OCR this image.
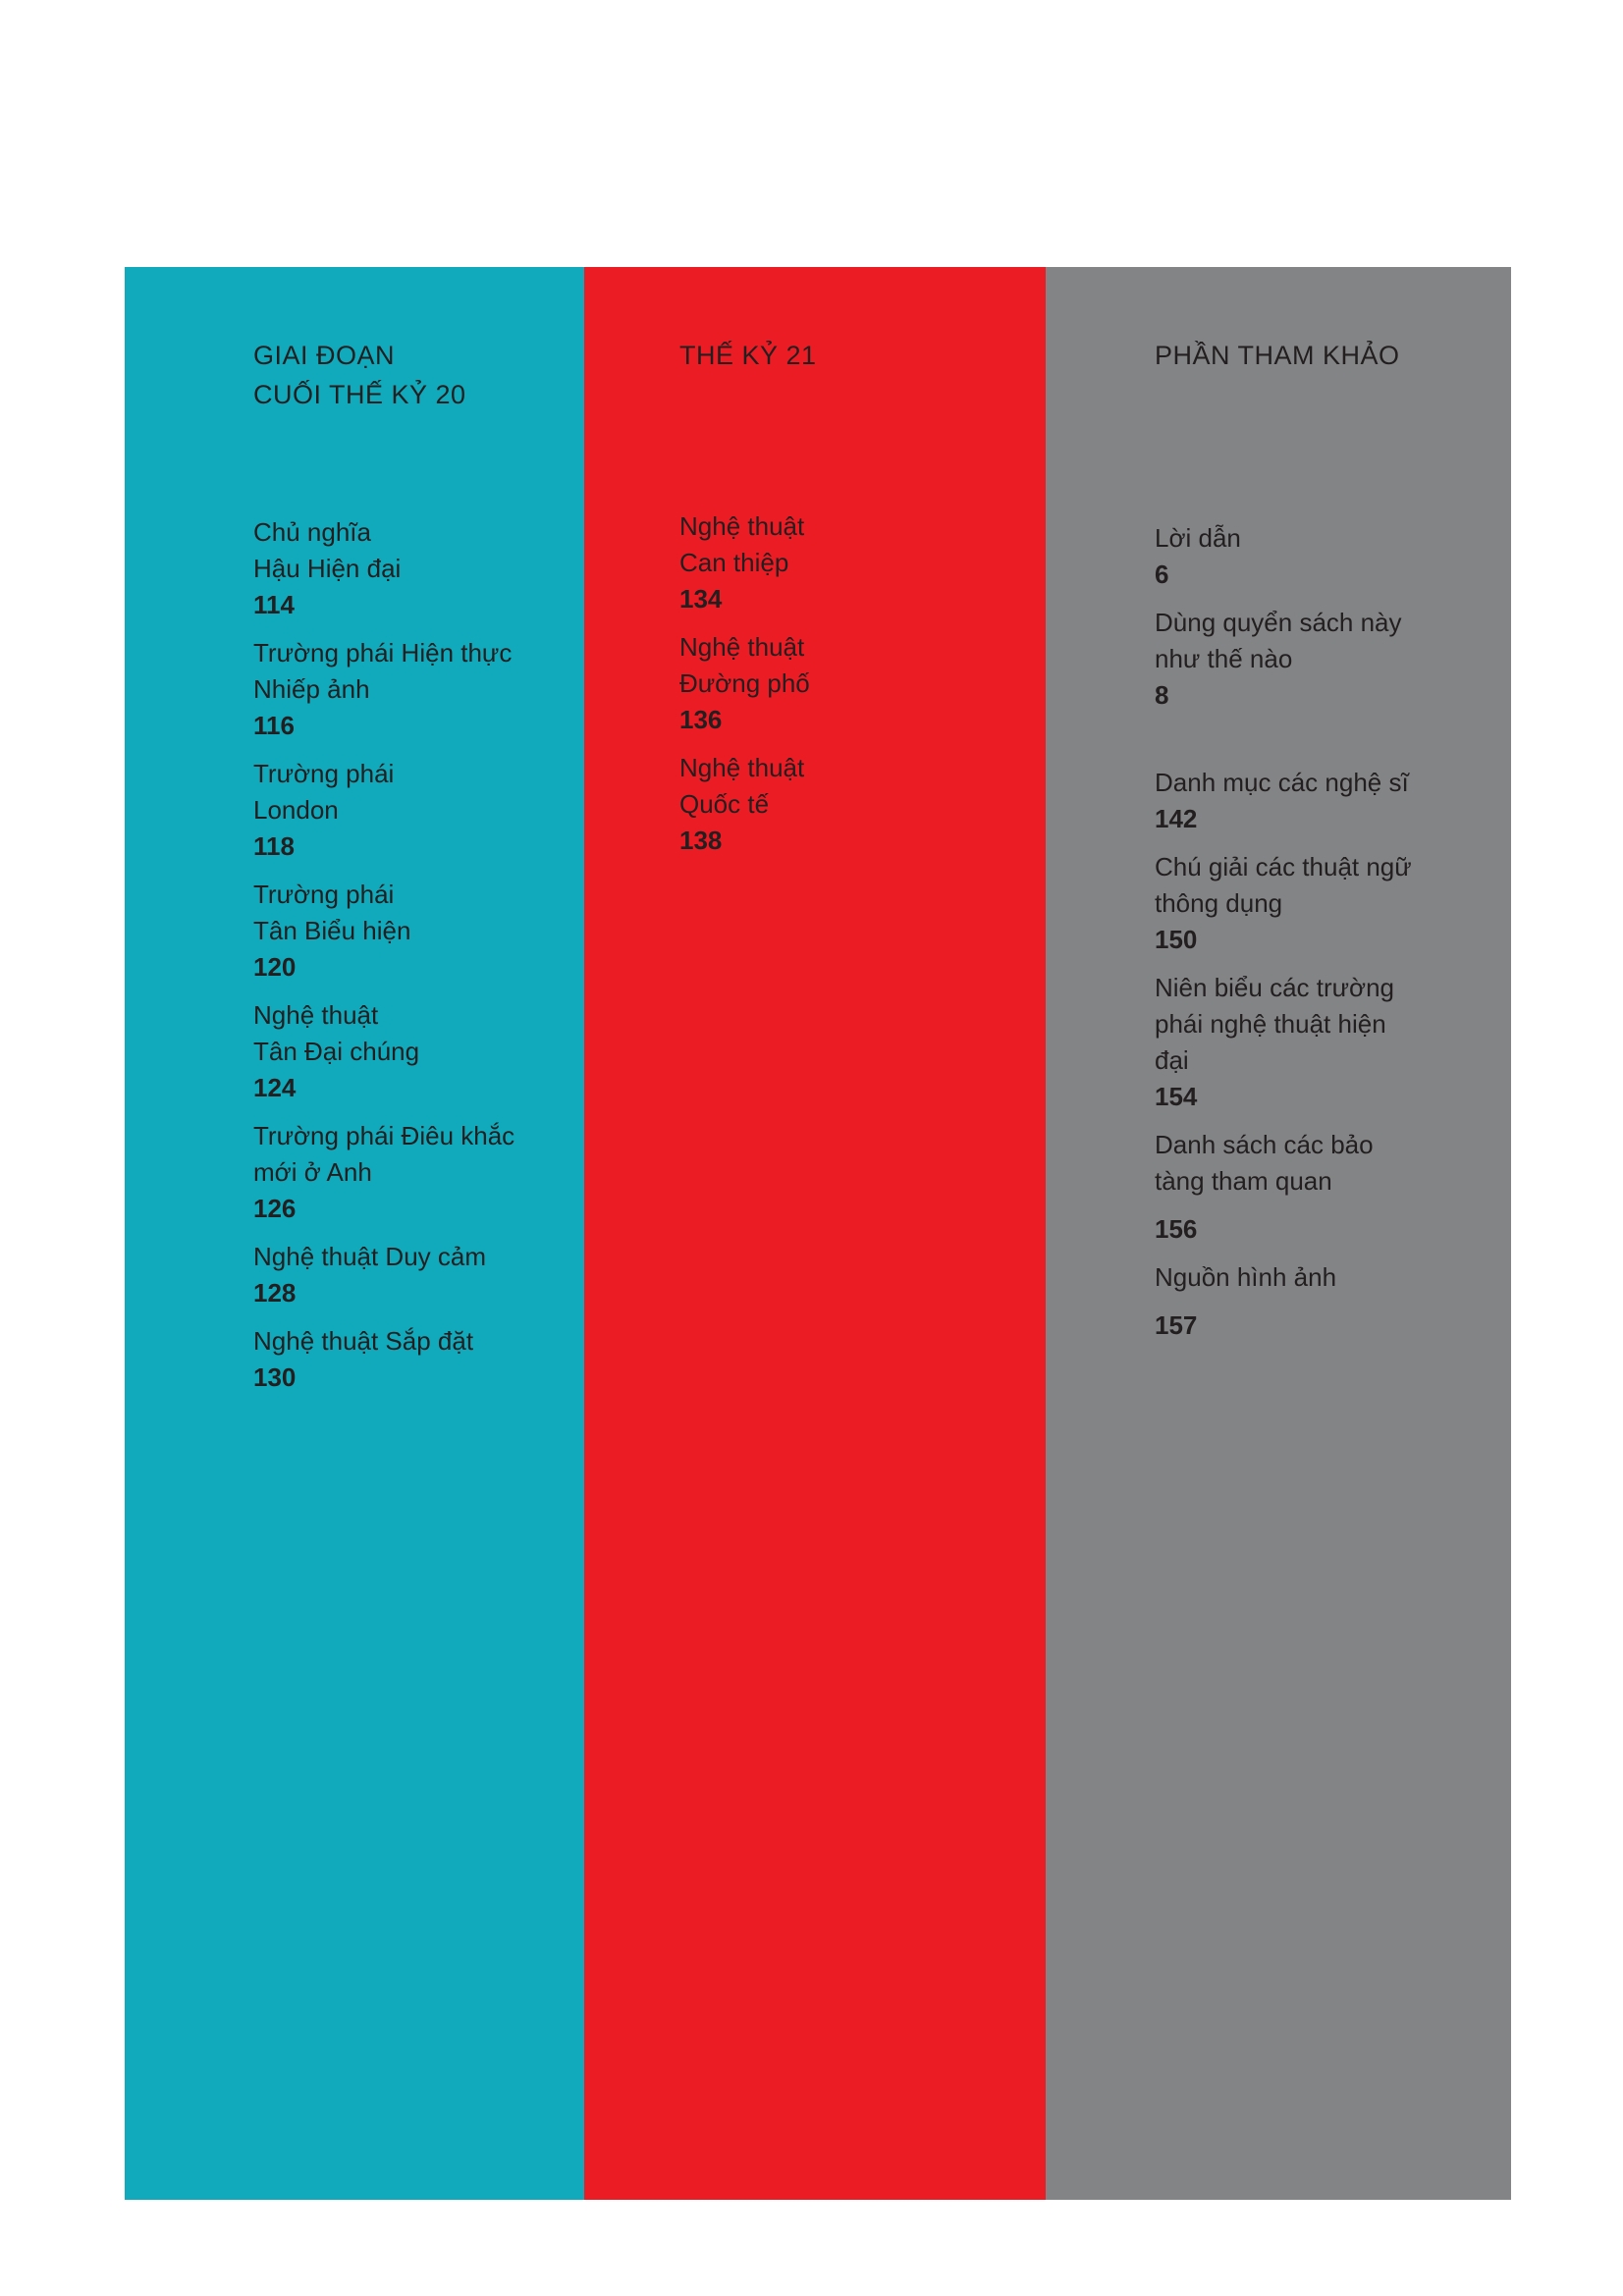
GIAI ĐOẠN
CUỐI THẾ KỶ 20
Chủ nghĩa
Hậu Hiện đại
114
Trường phái Hiện thực
Nhiếp ảnh
116
Trường phái
London
118
Trường phái
Tân Biểu hiện
120
Nghệ thuật
Tân Đại chúng
124
Trường phái Điêu khắc
mới ở Anh
126
Nghệ thuật Duy cảm
128
Nghệ thuật Sắp đặt
130
THẾ KỶ 21
Nghệ thuật
Can thiệp
134
Nghệ thuật
Đường phố
136
Nghệ thuật
Quốc tế
138
PHẦN THAM KHẢO
Lời dẫn
6
Dùng quyển sách này
như thế nào
8
Danh mục các nghệ sĩ
142
Chú giải các thuật ngữ
thông dụng
150
Niên biểu các trường
phái nghệ thuật hiện
đại
154
Danh sách các bảo
tàng tham quan
156
Nguồn hình ảnh
157
